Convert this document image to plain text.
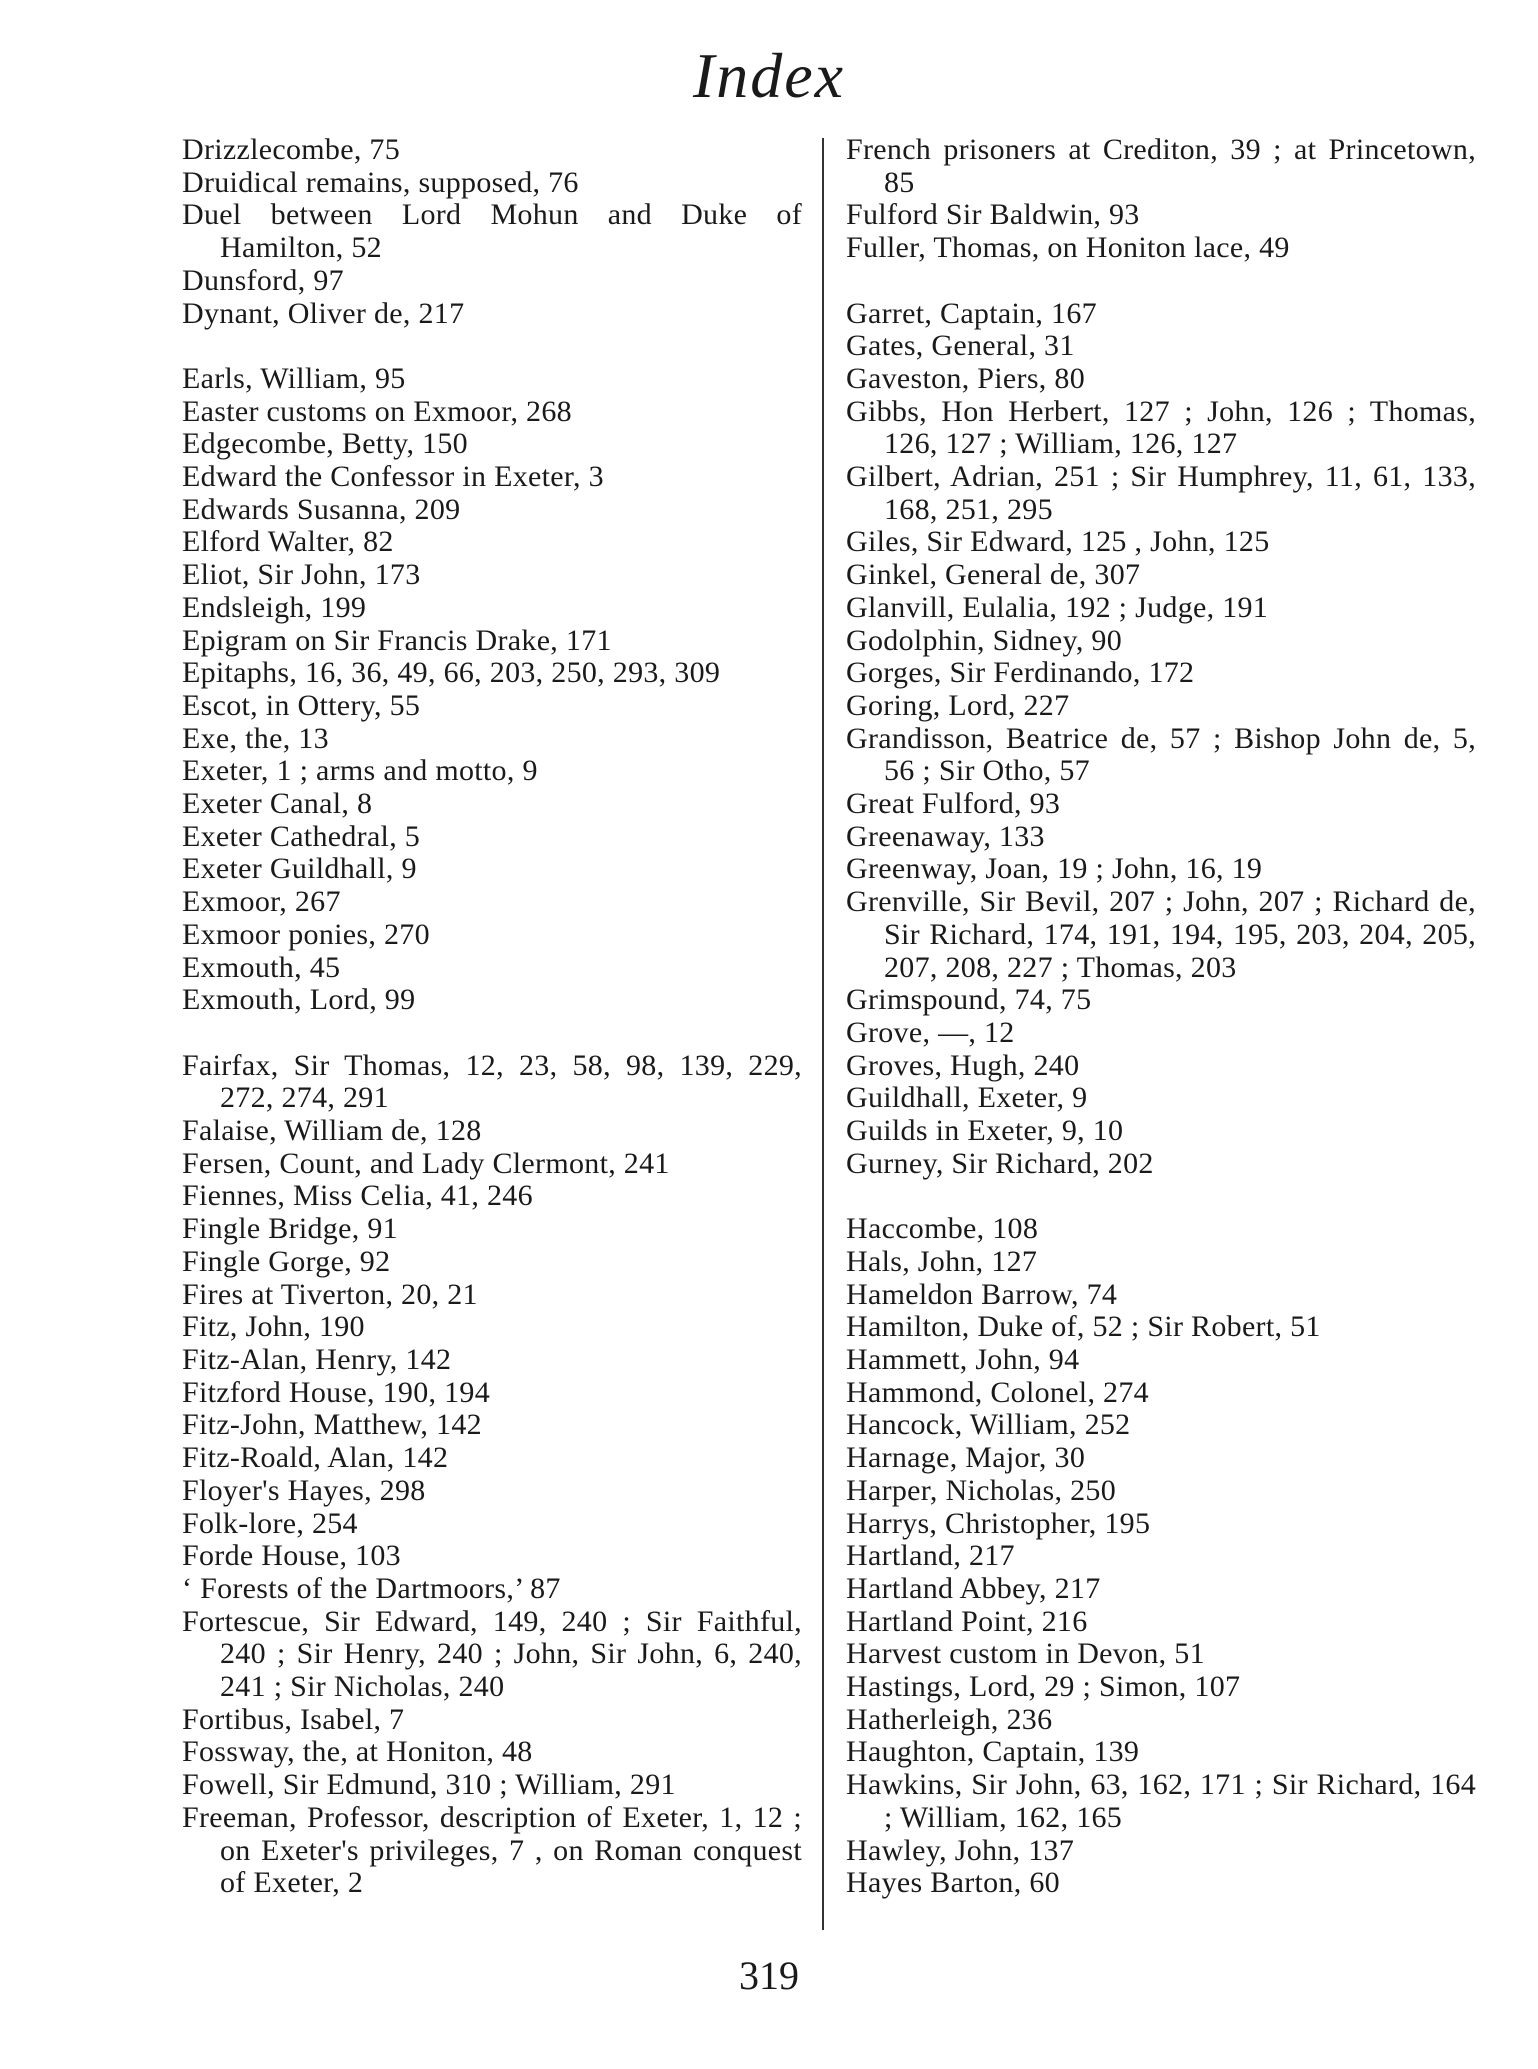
Index

Drizzlecombe, 75

Druidical remains, supposed, 76

Duel between Lord Mohun and Duke of Hamilton, 52

Dunsford, 97

Dynant, Oliver de, 217

Earls, William, 95

Easter customs on Exmoor, 268

Edgecombe, Betty, 150

Edward the Confessor in Exeter, 3

Edwards Susanna, 209

Elford Walter, 82

Eliot, Sir John, 173

Endsleigh, 199

Epigram on Sir Francis Drake, 171

Epitaphs, 16, 36, 49, 66, 203, 250, 293, 309

Escot, in Ottery, 55

Exe, the, 13

Exeter, 1 ; arms and motto, 9

Exeter Canal, 8

Exeter Cathedral, 5

Exeter Guildhall, 9

Exmoor, 267

Exmoor ponies, 270

Exmouth, 45

Exmouth, Lord, 99

Fairfax, Sir Thomas, 12, 23, 58, 98, 139, 229, 272, 274, 291

Falaise, William de, 128

Fersen, Count, and Lady Clermont, 241

Fiennes, Miss Celia, 41, 246

Fingle Bridge, 91

Fingle Gorge, 92

Fires at Tiverton, 20, 21

Fitz, John, 190

Fitz-Alan, Henry, 142

Fitzford House, 190, 194

Fitz-John, Matthew, 142

Fitz-Roald, Alan, 142

Floyer's Hayes, 298

Folk-lore, 254

Forde House, 103

‘ Forests of the Dartmoors,’ 87

Fortescue, Sir Edward, 149, 240 ; Sir Faithful, 240 ; Sir Henry, 240 ; John, Sir John, 6, 240, 241 ; Sir Nicholas, 240

Fortibus, Isabel, 7

Fossway, the, at Honiton, 48

Fowell, Sir Edmund, 310 ; William, 291

Freeman, Professor, description of Exeter, 1, 12 ; on Exeter's privileges, 7 , on Roman conquest of Exeter, 2

French prisoners at Crediton, 39 ; at Princetown, 85

Fulford Sir Baldwin, 93

Fuller, Thomas, on Honiton lace, 49

Garret, Captain, 167

Gates, General, 31

Gaveston, Piers, 80

Gibbs, Hon Herbert, 127 ; John, 126 ; Thomas, 126, 127 ; William, 126, 127

Gilbert, Adrian, 251 ; Sir Humphrey, 11, 61, 133, 168, 251, 295

Giles, Sir Edward, 125 , John, 125

Ginkel, General de, 307

Glanvill, Eulalia, 192 ; Judge, 191

Godolphin, Sidney, 90

Gorges, Sir Ferdinando, 172

Goring, Lord, 227

Grandisson, Beatrice de, 57 ; Bishop John de, 5, 56 ; Sir Otho, 57

Great Fulford, 93

Greenaway, 133

Greenway, Joan, 19 ; John, 16, 19

Grenville, Sir Bevil, 207 ; John, 207 ; Richard de, Sir Richard, 174, 191, 194, 195, 203, 204, 205, 207, 208, 227 ; Thomas, 203

Grimspound, 74, 75

Grove, —, 12

Groves, Hugh, 240

Guildhall, Exeter, 9

Guilds in Exeter, 9, 10

Gurney, Sir Richard, 202

Haccombe, 108

Hals, John, 127

Hameldon Barrow, 74

Hamilton, Duke of, 52 ; Sir Robert, 51

Hammett, John, 94

Hammond, Colonel, 274

Hancock, William, 252

Harnage, Major, 30

Harper, Nicholas, 250

Harrys, Christopher, 195

Hartland, 217

Hartland Abbey, 217

Hartland Point, 216

Harvest custom in Devon, 51

Hastings, Lord, 29 ; Simon, 107

Hatherleigh, 236

Haughton, Captain, 139

Hawkins, Sir John, 63, 162, 171 ; Sir Richard, 164 ; William, 162, 165

Hawley, John, 137

Hayes Barton, 60

319
